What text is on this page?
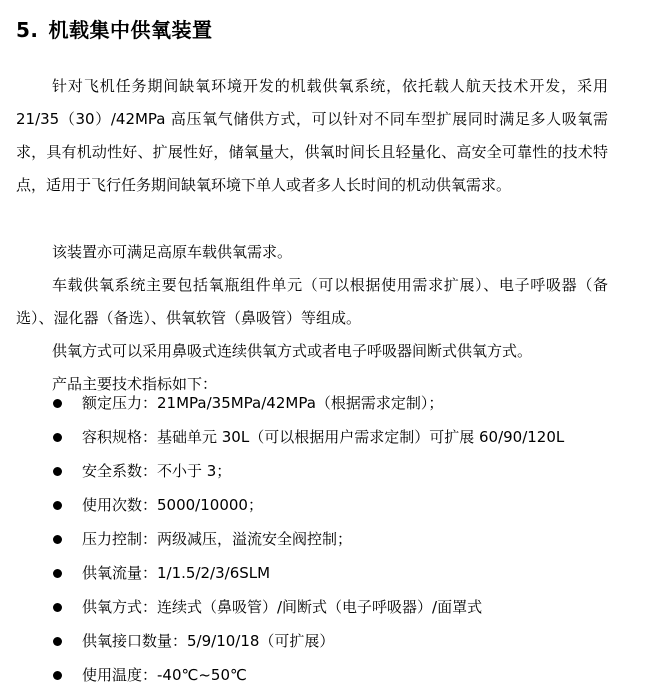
5. 机载集中供氧装置

针对飞机任务期间缺氧环境开发的机载供氧系统，依托载人航天技术开发，采用 21/35（30）/42MPa 高压氧气储供方式，可以针对不同车型扩展同时满足多人吸氧需求，具有机动性好、扩展性好，储氧量大，供氧时间长且轻量化、高安全可靠性的技术特点，适用于飞行任务期间缺氧环境下单人或者多人长时间的机动供氧需求。

该装置亦可满足高原车载供氧需求。

车载供氧系统主要包括氧瓶组件单元（可以根据使用需求扩展）、电子呼吸器（备选）、湿化器（备选）、供氧软管（鼻吸管）等组成。

供氧方式可以采用鼻吸式连续供氧方式或者电子呼吸器间断式供氧方式。

产品主要技术指标如下：

额定压力：21MPa/35MPa/42MPa（根据需求定制）；
容积规格：基础单元 30L（可以根据用户需求定制）可扩展 60/90/120L
安全系数：不小于 3；
使用次数：5000/10000；
压力控制：两级减压，溢流安全阀控制；
供氧流量：1/1.5/2/3/6SLM
供氧方式：连续式（鼻吸管）/间断式（电子呼吸器）/面罩式
供氧接口数量：5/9/10/18（可扩展）
使用温度：-40℃~50℃
